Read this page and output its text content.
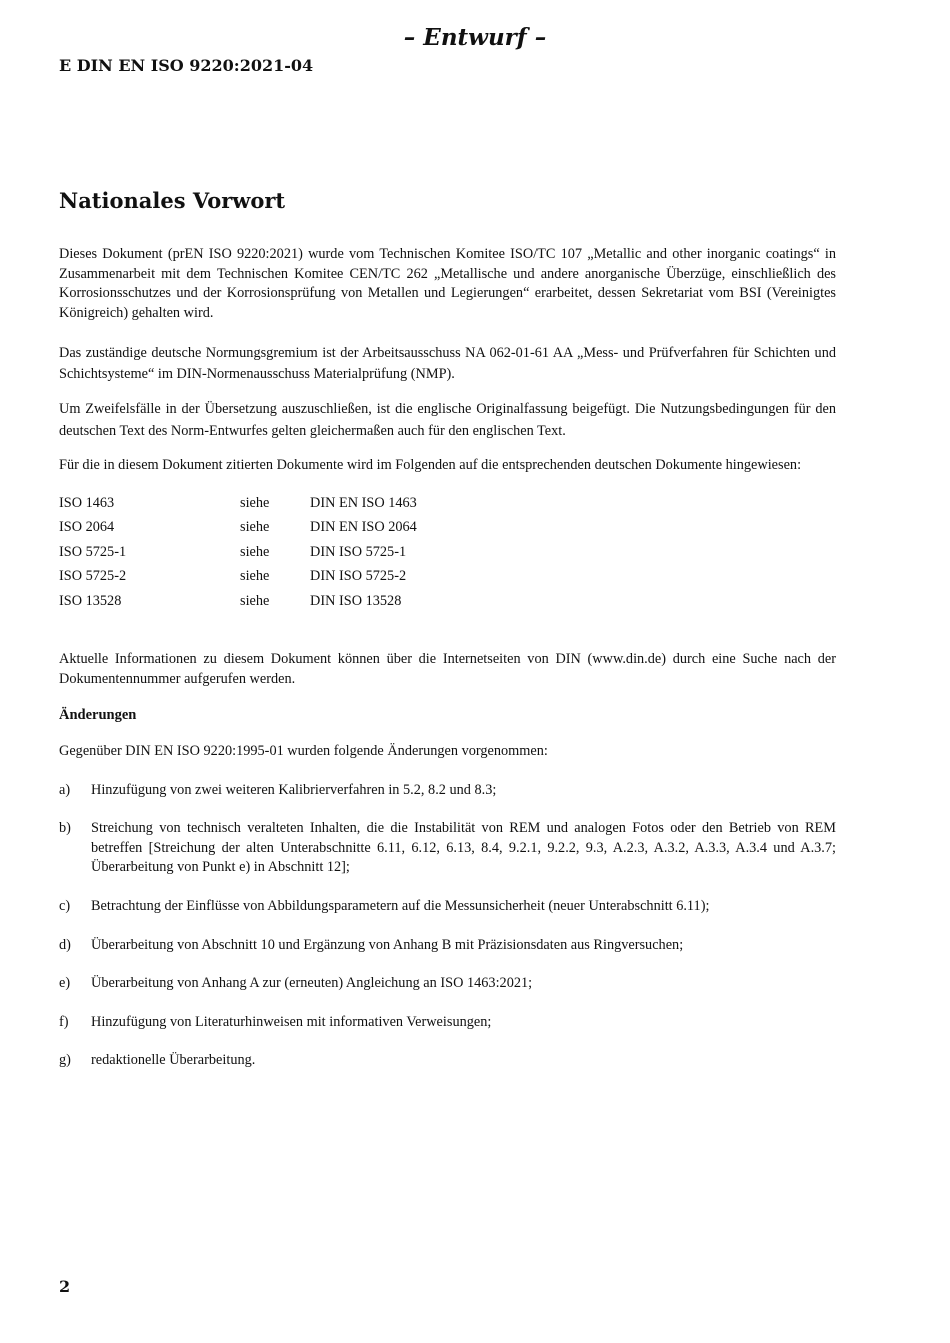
– Entwurf –
E DIN EN ISO 9220:2021-04
Nationales Vorwort

Dieses Dokument (prEN ISO 9220:2021) wurde vom Technischen Komitee ISO/TC 107 „Metallic and other inorganic coatings“ in Zusammenarbeit mit dem Technischen Komitee CEN/TC 262 „Metallische und andere anorganische Überzüge, einschließlich des Korrosionsschutzes und der Korrosionsprüfung von Metallen und Legierungen“ erarbeitet, dessen Sekretariat vom BSI (Vereinigtes Königreich) gehalten wird.

Das zuständige deutsche Normungsgremium ist der Arbeitsausschuss NA 062-01-61 AA „Mess- und Prüfverfahren für Schichten und Schichtsysteme“ im DIN-Normenausschuss Materialprüfung (NMP).

Um Zweifelsfälle in der Übersetzung auszuschließen, ist die englische Originalfassung beigefügt. Die Nutzungsbedingungen für den deutschen Text des Norm-Entwurfes gelten gleichermaßen auch für den englischen Text.

Für die in diesem Dokument zitierten Dokumente wird im Folgenden auf die entsprechenden deutschen Dokumente hingewiesen:

ISO 1463	siehe	DIN EN ISO 1463
ISO 2064	siehe	DIN EN ISO 2064
ISO 5725-1	siehe	DIN ISO 5725-1
ISO 5725-2	siehe	DIN ISO 5725-2
ISO 13528	siehe	DIN ISO 13528

Aktuelle Informationen zu diesem Dokument können über die Internetseiten von DIN (www.din.de) durch eine Suche nach der Dokumentennummer aufgerufen werden.

Änderungen

Gegenüber DIN EN ISO 9220:1995-01 wurden folgende Änderungen vorgenommen:

a) Hinzufügung von zwei weiteren Kalibrierverfahren in 5.2, 8.2 und 8.3;
b) Streichung von technisch veralteten Inhalten, die die Instabilität von REM und analogen Fotos oder den Betrieb von REM betreffen [Streichung der alten Unterabschnitte 6.11, 6.12, 6.13, 8.4, 9.2.1, 9.2.2, 9.3, A.2.3, A.3.2, A.3.3, A.3.4 und A.3.7; Überarbeitung von Punkt e) in Abschnitt 12];
c) Betrachtung der Einflüsse von Abbildungsparametern auf die Messunsicherheit (neuer Unterabschnitt 6.11);
d) Überarbeitung von Abschnitt 10 und Ergänzung von Anhang B mit Präzisionsdaten aus Ringversuchen;
e) Überarbeitung von Anhang A zur (erneuten) Angleichung an ISO 1463:2021;
f) Hinzufügung von Literaturhinweisen mit informativen Verweisungen;
g) redaktionelle Überarbeitung.
2
